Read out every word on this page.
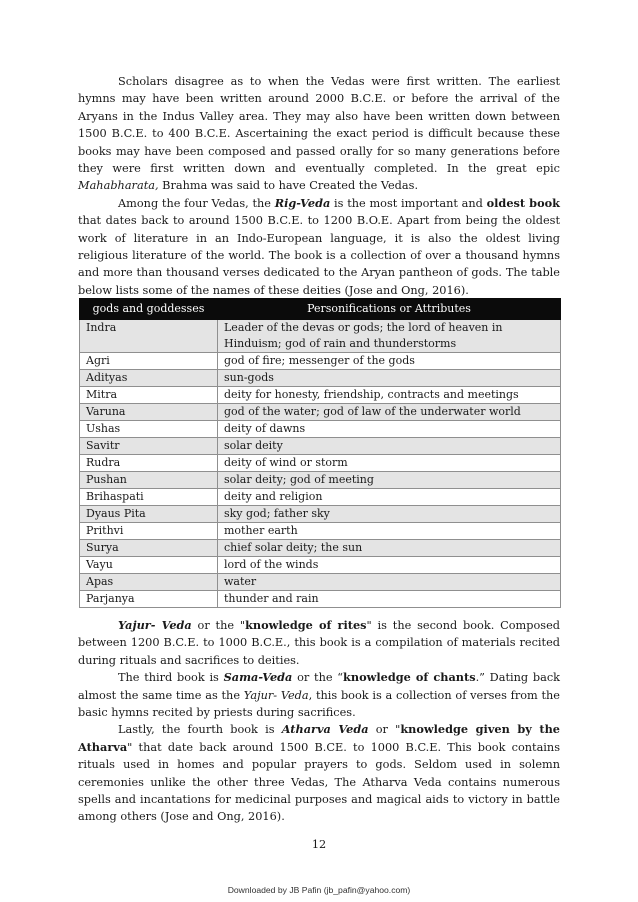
Scholars disagree as to when the Vedas were first written. The earliest hymns may have been written around 2000 B.C.E. or before the arrival of the Aryans in the Indus Valley area. They may also have been written down between 1500 B.C.E. to 400 B.C.E. Ascertaining the exact period is difficult because these books may have been composed and passed orally for so many generations before they were first written down and eventually completed. In the great epic Mahabharata, Brahma was said to have Created the Vedas.

Among the four Vedas, the Rig-Veda is the most important and oldest book that dates back to around 1500 B.C.E. to 1200 B.O.E. Apart from being the oldest work of literature in an Indo-European language, it is also the oldest living religious literature of the world. The book is a collection of over a thousand hymns and more than thousand verses dedicated to the Aryan pantheon of gods. The table below lists some of the names of these deities (Jose and Ong, 2016).

gods and goddesses	Personifications or Attributes
Indra	Leader of the devas or gods; the lord of heaven in Hinduism; god of rain and thunderstorms
Agri	god of fire; messenger of the gods
Adityas	sun-gods
Mitra	deity for honesty, friendship, contracts and meetings
Varuna	god of the water; god of law of the underwater world
Ushas	deity of dawns
Savitr	solar deity
Rudra	deity of wind or storm
Pushan	solar deity; god of meeting
Brihaspati	deity and religion
Dyaus Pita	sky god; father sky
Prithvi	mother earth
Surya	chief solar deity; the sun
Vayu	lord of the winds
Apas	water
Parjanya	thunder and rain

Yajur- Veda or the "knowledge of rites" is the second book. Composed between 1200 B.C.E. to 1000 B.C.E., this book is a compilation of materials recited during rituals and sacrifices to deities.

The third book is Sama-Veda or the “knowledge of chants.” Dating back almost the same time as the Yajur- Veda, this book is a collection of verses from the basic hymns recited by priests during sacrifices.

Lastly, the fourth book is Atharva Veda or "knowledge given by the Atharva" that date back around 1500 B.CE. to 1000 B.C.E. This book contains rituals used in homes and popular prayers to gods. Seldom used in solemn ceremonies unlike the other three Vedas, The Atharva Veda contains numerous spells and incantations for medicinal purposes and magical aids to victory in battle among others (Jose and Ong, 2016).

12
Downloaded by JB Pafin (jb_pafin@yahoo.com)
